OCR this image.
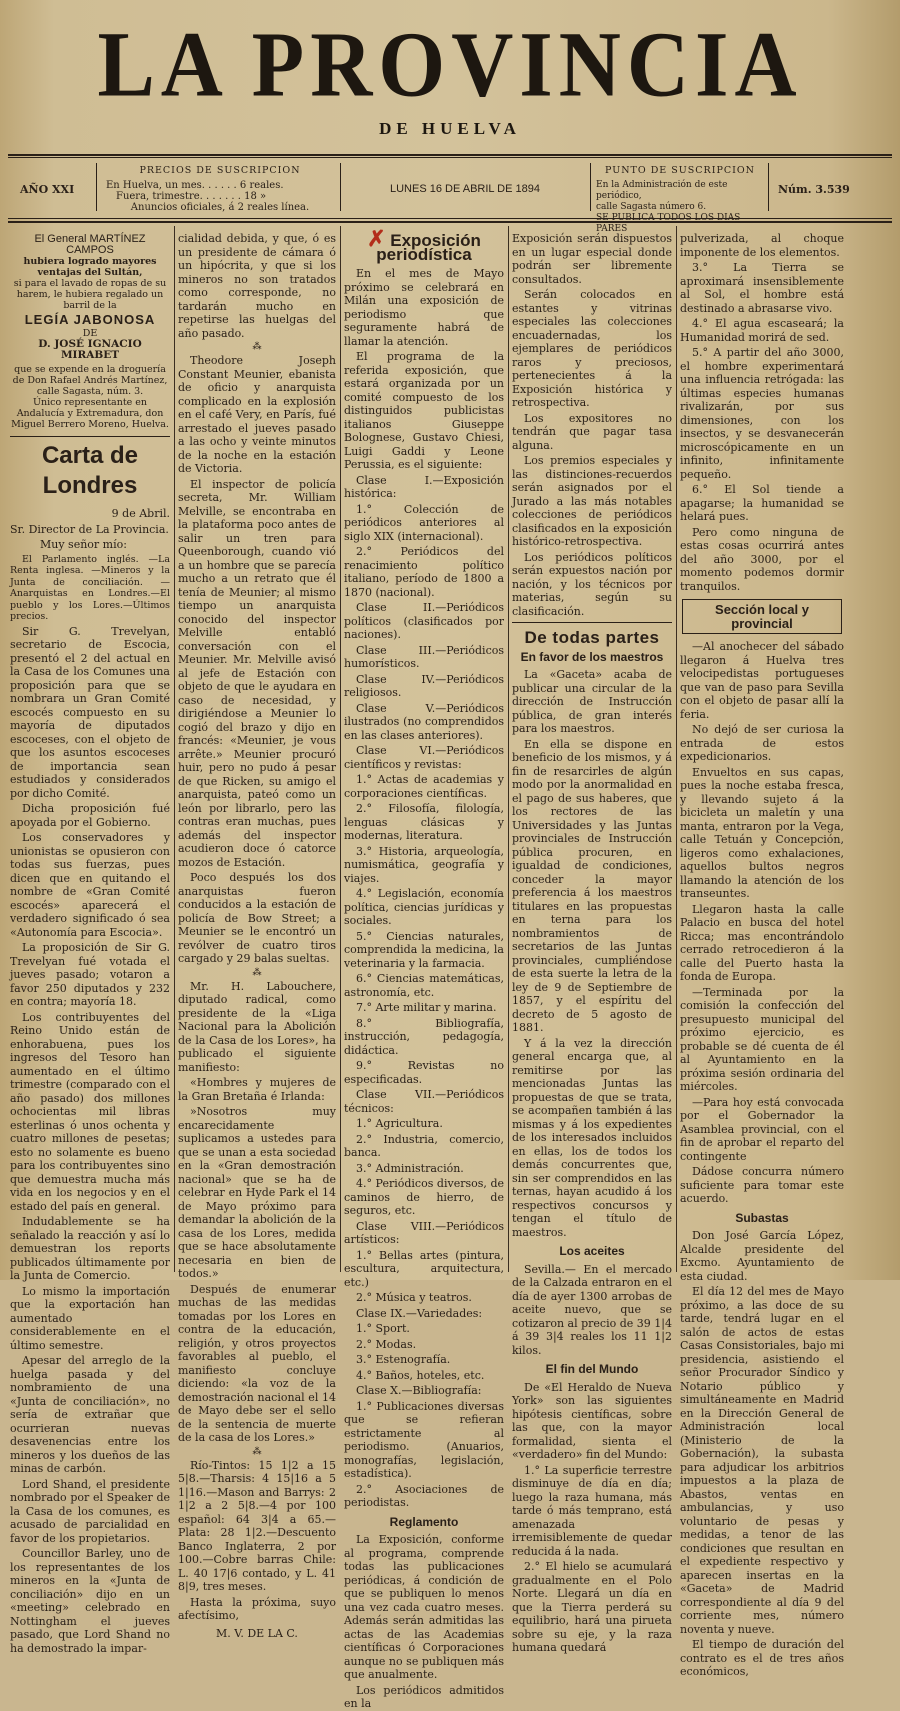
LA PROVINCIA
DE HUELVA
AÑO XXI
PRECIOS DE SUSCRIPCION
En Huelva, un mes. . . . . . 6 reales.
Fuera, trimestre. . . . . . . 18 »
Anuncios oficiales, á 2 reales línea.
LUNES 16 DE ABRIL DE 1894
PUNTO DE SUSCRIPCION
En la Administración de este periódico,
calle Sagasta número 6.
SE PUBLICA TODOS LOS DIAS PARES
Núm. 3.539
El General MARTÍNEZ CAMPOS
hubiera logrado mayores ventajas del Sultán,
si para el lavado de ropas de su harem, le hubiera regalado un barril de la
LEGÍA JABONOSA
DE
D. JOSÉ IGNACIO MIRABET
que se expende en la droguería de Don Rafael Andrés Martínez, calle Sagasta, núm. 3.
Único representante en Andalucía y Extremadura, don Miguel Berrero Moreno, Huelva.
Carta de Londres

9 de Abril.

Sr. Director de La Provincia.

Muy señor mío:

El Parlamento inglés. —La Renta inglesa. —Mineros y la Junta de conciliación. —Anarquistas en Londres.—El pueblo y los Lores.—Últimos precios.

Sir G. Trevelyan, secretario de Escocia, presentó el 2 del actual en la Casa de los Comunes una proposición para que se nombrara un Gran Comité escocés compuesto en su mayoría de diputados escoceses, con el objeto de que los asuntos escoceses de importancia sean estudiados y considerados por dicho Comité.

Dicha proposición fué apoyada por el Gobierno.

Los conservadores y unionistas se opusieron con todas sus fuerzas, pues dicen que en quitando el nombre de «Gran Comité escocés» aparecerá el verdadero significado ó sea «Autonomía para Escocia».

La proposición de Sir G. Trevelyan fué votada el jueves pasado; votaron a favor 250 diputados y 232 en contra; mayoría 18.

Los contribuyentes del Reino Unido están de enhorabuena, pues los ingresos del Tesoro han aumentado en el último trimestre (comparado con el año pasado) dos millones ochocientas mil libras esterlinas ó unos ochenta y cuatro millones de pesetas; esto no solamente es bueno para los contribuyentes sino que demuestra mucha más vida en los negocios y en el estado del país en general.

Indudablemente se ha señalado la reacción y así lo demuestran los reports publicados últimamente por la Junta de Comercio.

Lo mismo la importación que la exportación han aumentado considerablemente en el último semestre.

Apesar del arreglo de la huelga pasada y del nombramiento de una «Junta de conciliación», no sería de extrañar que ocurrieran nuevas desavenencias entre los mineros y los dueños de las minas de carbón.

Lord Shand, el presidente nombrado por el Speaker de la Casa de los comunes, es acusado de parcialidad en favor de los propietarios.

Councillor Barley, uno de los representantes de los mineros en la «Junta de conciliación» dijo en un «meeting» celebrado en Nottingham el jueves pasado, que Lord Shand no ha demostrado la impar-

cialidad debida, y que, ó es un presidente de cámara ó un hipócrita, y que si los mineros no son tratados como corresponde, no tardarán mucho en repetirse las huelgas del año pasado.

⁂

Theodore Joseph Constant Meunier, ebanista de oficio y anarquista complicado en la explosión en el café Very, en París, fué arrestado el jueves pasado a las ocho y veinte minutos de la noche en la estación de Victoria.

El inspector de policía secreta, Mr. William Melville, se encontraba en la plataforma poco antes de salir un tren para Queenborough, cuando vió a un hombre que se parecía mucho a un retrato que él tenía de Meunier; al mismo tiempo un anarquista conocido del inspector Melville entabló conversación con el Meunier. Mr. Melville avisó al jefe de Estación con objeto de que le ayudara en caso de necesidad, y dirigiéndose a Meunier lo cogió del brazo y dijo en francés: «Meunier, je vous arrête.» Meunier procuró huir, pero no pudo á pesar de que Ricken, su amigo el anarquista, pateó como un león por librarlo, pero las contras eran muchas, pues además del inspector acudieron doce ó catorce mozos de Estación.

Poco después los dos anarquistas fueron conducidos a la estación de policía de Bow Street; a Meunier se le encontró un revólver de cuatro tiros cargado y 29 balas sueltas.

⁂

Mr. H. Labouchere, diputado radical, como presidente de la «Liga Nacional para la Abolición de la Casa de los Lores», ha publicado el siguiente manifiesto:

«Hombres y mujeres de la Gran Bretaña é Irlanda:

»Nosotros muy encarecidamente suplicamos a ustedes para que se unan a esta sociedad en la «Gran demostración nacional» que se ha de celebrar en Hyde Park el 14 de Mayo próximo para demandar la abolición de la casa de los Lores, medida que se hace absolutamente necesaria en bien de todos.»

Después de enumerar muchas de las medidas tomadas por los Lores en contra de la educación, religión, y otros proyectos favorables al pueblo, el manifiesto concluye diciendo: «la voz de la demostración nacional el 14 de Mayo debe ser el sello de la sentencia de muerte de la casa de los Lores.»

⁂

Río-Tintos: 15 1|2 a 15 5|8.—Tharsis: 4 15|16 a 5 1|16.—Mason and Barrys: 2 1|2 a 2 5|8.—4 por 100 español: 64 3|4 a 65.—Plata: 28 1|2.—Descuento Banco Inglaterra, 2 por 100.—Cobre barras Chile: L. 40 17|6 contado, y L. 41 8|9, tres meses.

Hasta la próxima, suyo afectísimo,

M. V. DE LA C.
✗ Exposición periodística

En el mes de Mayo próximo se celebrará en Milán una exposición de periodismo que seguramente habrá de llamar la atención.

El programa de la referida exposición, que estará organizada por un comité compuesto de los distinguidos publicistas italianos Giuseppe Bolognese, Gustavo Chiesi, Luigi Gaddi y Leone Perussia, es el siguiente:

Clase I.—Exposición histórica:

1.° Colección de periódicos anteriores al siglo XIX (internacional).

2.° Periódicos del renacimiento político italiano, período de 1800 a 1870 (nacional).

Clase II.—Periódicos políticos (clasificados por naciones).

Clase III.—Periódicos humorísticos.

Clase IV.—Periódicos religiosos.

Clase V.—Periódicos ilustrados (no comprendidos en las clases anteriores).

Clase VI.—Periódicos científicos y revistas:

1.° Actas de academias y corporaciones científicas.

2.° Filosofía, filología, lenguas clásicas y modernas, literatura.

3.° Historia, arqueología, numismática, geografía y viajes.

4.° Legislación, economía política, ciencias jurídicas y sociales.

5.° Ciencias naturales, comprendida la medicina, la veterinaria y la farmacia.

6.° Ciencias matemáticas, astronomía, etc.

7.° Arte militar y marina.

8.° Bibliografía, instrucción, pedagogía, didáctica.

9.° Revistas no especificadas.

Clase VII.—Periódicos técnicos:

1.° Agricultura.

2.° Industria, comercio, banca.

3.° Administración.

4.° Periódicos diversos, de caminos de hierro, de seguros, etc.

Clase VIII.—Periódicos artísticos:

1.° Bellas artes (pintura, escultura, arquitectura, etc.)

2.° Música y teatros.

Clase IX.—Variedades:

1.° Sport.

2.° Modas.

3.° Estenografía.

4.° Baños, hoteles, etc.

Clase X.—Bibliografía:

1.° Publicaciones diversas que se refieran estrictamente al periodismo. (Anuarios, monografías, legislación, estadística).

2.° Asociaciones de periodistas.

Reglamento

La Exposición, conforme al programa, comprende todas las publicaciones periódicas, á condición de que se publiquen lo menos una vez cada cuatro meses. Además serán admitidas las actas de las Academias científicas ó Corporaciones aunque no se publiquen más que anualmente.

Los periódicos admitidos en la

Exposición serán dispuestos en un lugar especial donde podrán ser libremente consultados.

Serán colocados en estantes y vitrinas especiales las colecciones encuadernadas, los ejemplares de periódicos raros y preciosos, pertenecientes á la Exposición histórica y retrospectiva.

Los expositores no tendrán que pagar tasa alguna.

Los premios especiales y las distinciones-recuerdos serán asignados por el Jurado a las más notables colecciones de periódicos clasificados en la exposición histórico-retrospectiva.

Los periódicos políticos serán expuestos nación por nación, y los técnicos por materias, según su clasificación.

De todas partes
En favor de los maestros

La «Gaceta» acaba de publicar una circular de la dirección de Instrucción pública, de gran interés para los maestros.

En ella se dispone en beneficio de los mismos, y á fin de resarcirles de algún modo por la anormalidad en el pago de sus haberes, que los rectores de las Universidades y las Juntas provinciales de Instrucción pública procuren, en igualdad de condiciones, conceder la mayor preferencia á los maestros titulares en las propuestas en terna para los nombramientos de secretarios de las Juntas provinciales, cumpliéndose de esta suerte la letra de la ley de 9 de Septiembre de 1857, y el espíritu del decreto de 5 agosto de 1881.

Y á la vez la dirección general encarga que, al remitirse por las mencionadas Juntas las propuestas de que se trata, se acompañen también á las mismas y á los expedientes de los interesados incluidos en ellas, los de todos los demás concurrentes que, sin ser comprendidos en las ternas, hayan acudido á los respectivos concursos y tengan el título de maestros.

Los aceites

Sevilla.— En el mercado de la Calzada entraron en el día de ayer 1300 arrobas de aceite nuevo, que se cotizaron al precio de 39 1|4 á 39 3|4 reales los 11 1|2 kilos.

El fin del Mundo

De «El Heraldo de Nueva York» son las siguientes hipótesis científicas, sobre las que, con la mayor formalidad, sienta el «verdadero» fin del Mundo:

1.° La superficie terrestre disminuye de día en día; luego la raza humana, más tarde ó más temprano, está amenazada irremisiblemente de quedar reducida á la nada.

2.° El hielo se acumulará gradualmente en el Polo Norte. Llegará un día en que la Tierra perderá su equilibrio, hará una pirueta sobre su eje, y la raza humana quedará

pulverizada, al choque imponente de los elementos.

3.° La Tierra se aproximará insensiblemente al Sol, el hombre está destinado a abrasarse vivo.

4.° El agua escaseará; la Humanidad morirá de sed.

5.° A partir del año 3000, el hombre experimentará una influencia retrógada: las últimas especies humanas rivalizarán, por sus dimensiones, con los insectos, y se desvanecerán microscópicamente en un infinito, infinitamente pequeño.

6.° El Sol tiende a apagarse; la humanidad se helará pues.

Pero como ninguna de estas cosas ocurrirá antes del año 3000, por el momento podemos dormir tranquilos.

Sección local y provincial

—Al anochecer del sábado llegaron á Huelva tres velocipedistas portugueses que van de paso para Sevilla con el objeto de pasar allí la feria.

No dejó de ser curiosa la entrada de estos expedicionarios.

Envueltos en sus capas, pues la noche estaba fresca, y llevando sujeto á la bicicleta un maletín y una manta, entraron por la Vega, calle Tetuán y Concepción, ligeros como exhalaciones, aquellos bultos negros llamando la atención de los transeuntes.

Llegaron hasta la calle Palacio en busca del hotel Ricca; mas encontrándolo cerrado retrocedieron á la calle del Puerto hasta la fonda de Europa.

—Terminada por la comisión la confección del presupuesto municipal del próximo ejercicio, es probable se dé cuenta de él al Ayuntamiento en la próxima sesión ordinaria del miércoles.

—Para hoy está convocada por el Gobernador la Asamblea provincial, con el fin de aprobar el reparto del contingente

Dádose concurra número suficiente para tomar este acuerdo.

Subastas

Don José García López, Alcalde presidente del Excmo. Ayuntamiento de esta ciudad.

El día 12 del mes de Mayo próximo, a las doce de su tarde, tendrá lugar en el salón de actos de estas Casas Consistoriales, bajo mi presidencia, asistiendo el señor Procurador Síndico y Notario público y simultáneamente en Madrid en la Dirección General de Administración local (Ministerio de la Gobernación), la subasta para adjudicar los arbitrios impuestos a la plaza de Abastos, ventas en ambulancias, y uso voluntario de pesas y medidas, a tenor de las condiciones que resultan en el expediente respectivo y aparecen insertas en la «Gaceta» de Madrid correspondiente al día 9 del corriente mes, número noventa y nueve.

El tiempo de duración del contrato es el de tres años económicos,
